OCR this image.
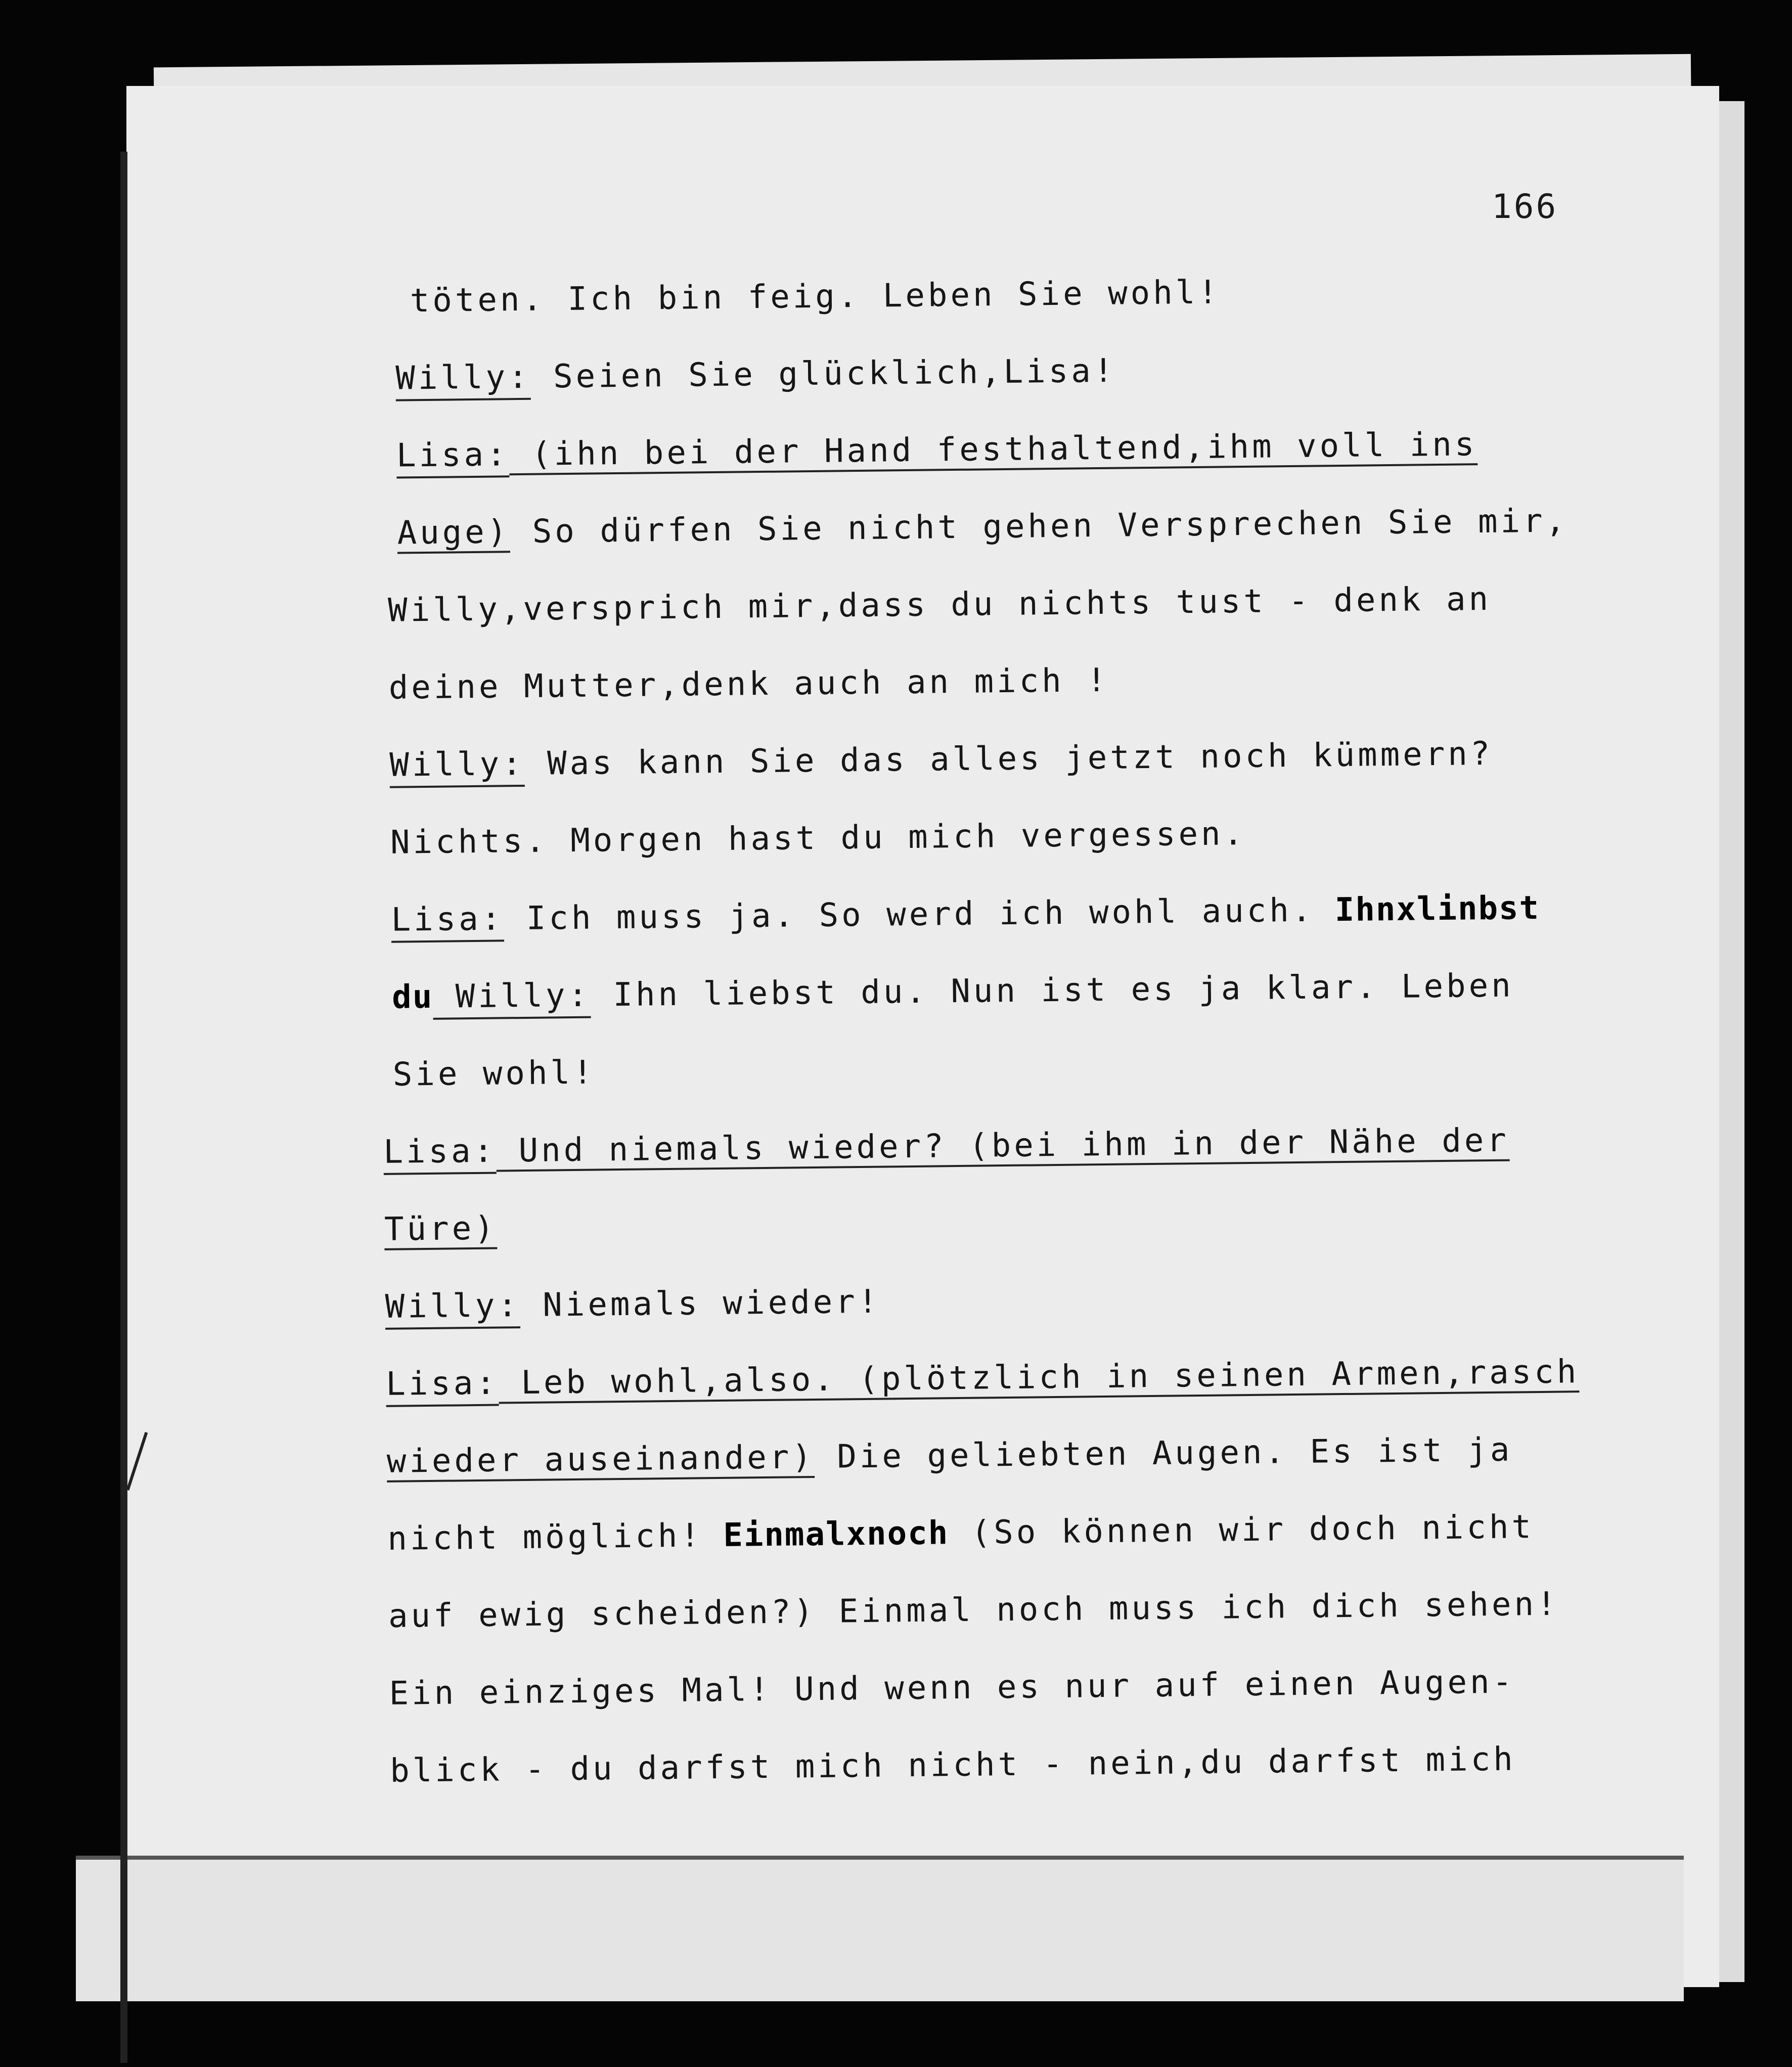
166
töten. Ich bin feig. Leben Sie wohl!
Willy: Seien Sie glücklich,Lisa!
Lisa: (ihn bei der Hand festhaltend,ihm voll ins
Auge) So dürfen Sie nicht gehen Versprechen Sie mir,
Willy,versprich mir,dass du nichts tust - denk an
deine Mutter,denk auch an mich !
Willy: Was kann Sie das alles jetzt noch kümmern?
Nichts. Morgen hast du mich vergessen.
Lisa: Ich muss ja. So werd ich wohl auch. Ihnxlinbst
du Willy: Ihn liebst du. Nun ist es ja klar. Leben
Sie wohl!
Lisa: Und niemals wieder? (bei ihm in der Nähe der
Türe)
Willy: Niemals wieder!
Lisa: Leb wohl,also. (plötzlich in seinen Armen,rasch
wieder auseinander) Die geliebten Augen. Es ist ja
nicht möglich! Einmalxnoch (So können wir doch nicht
auf ewig scheiden?) Einmal noch muss ich dich sehen!
Ein einziges Mal! Und wenn es nur auf einen Augen-
blick - du darfst mich nicht - nein,du darfst mich
